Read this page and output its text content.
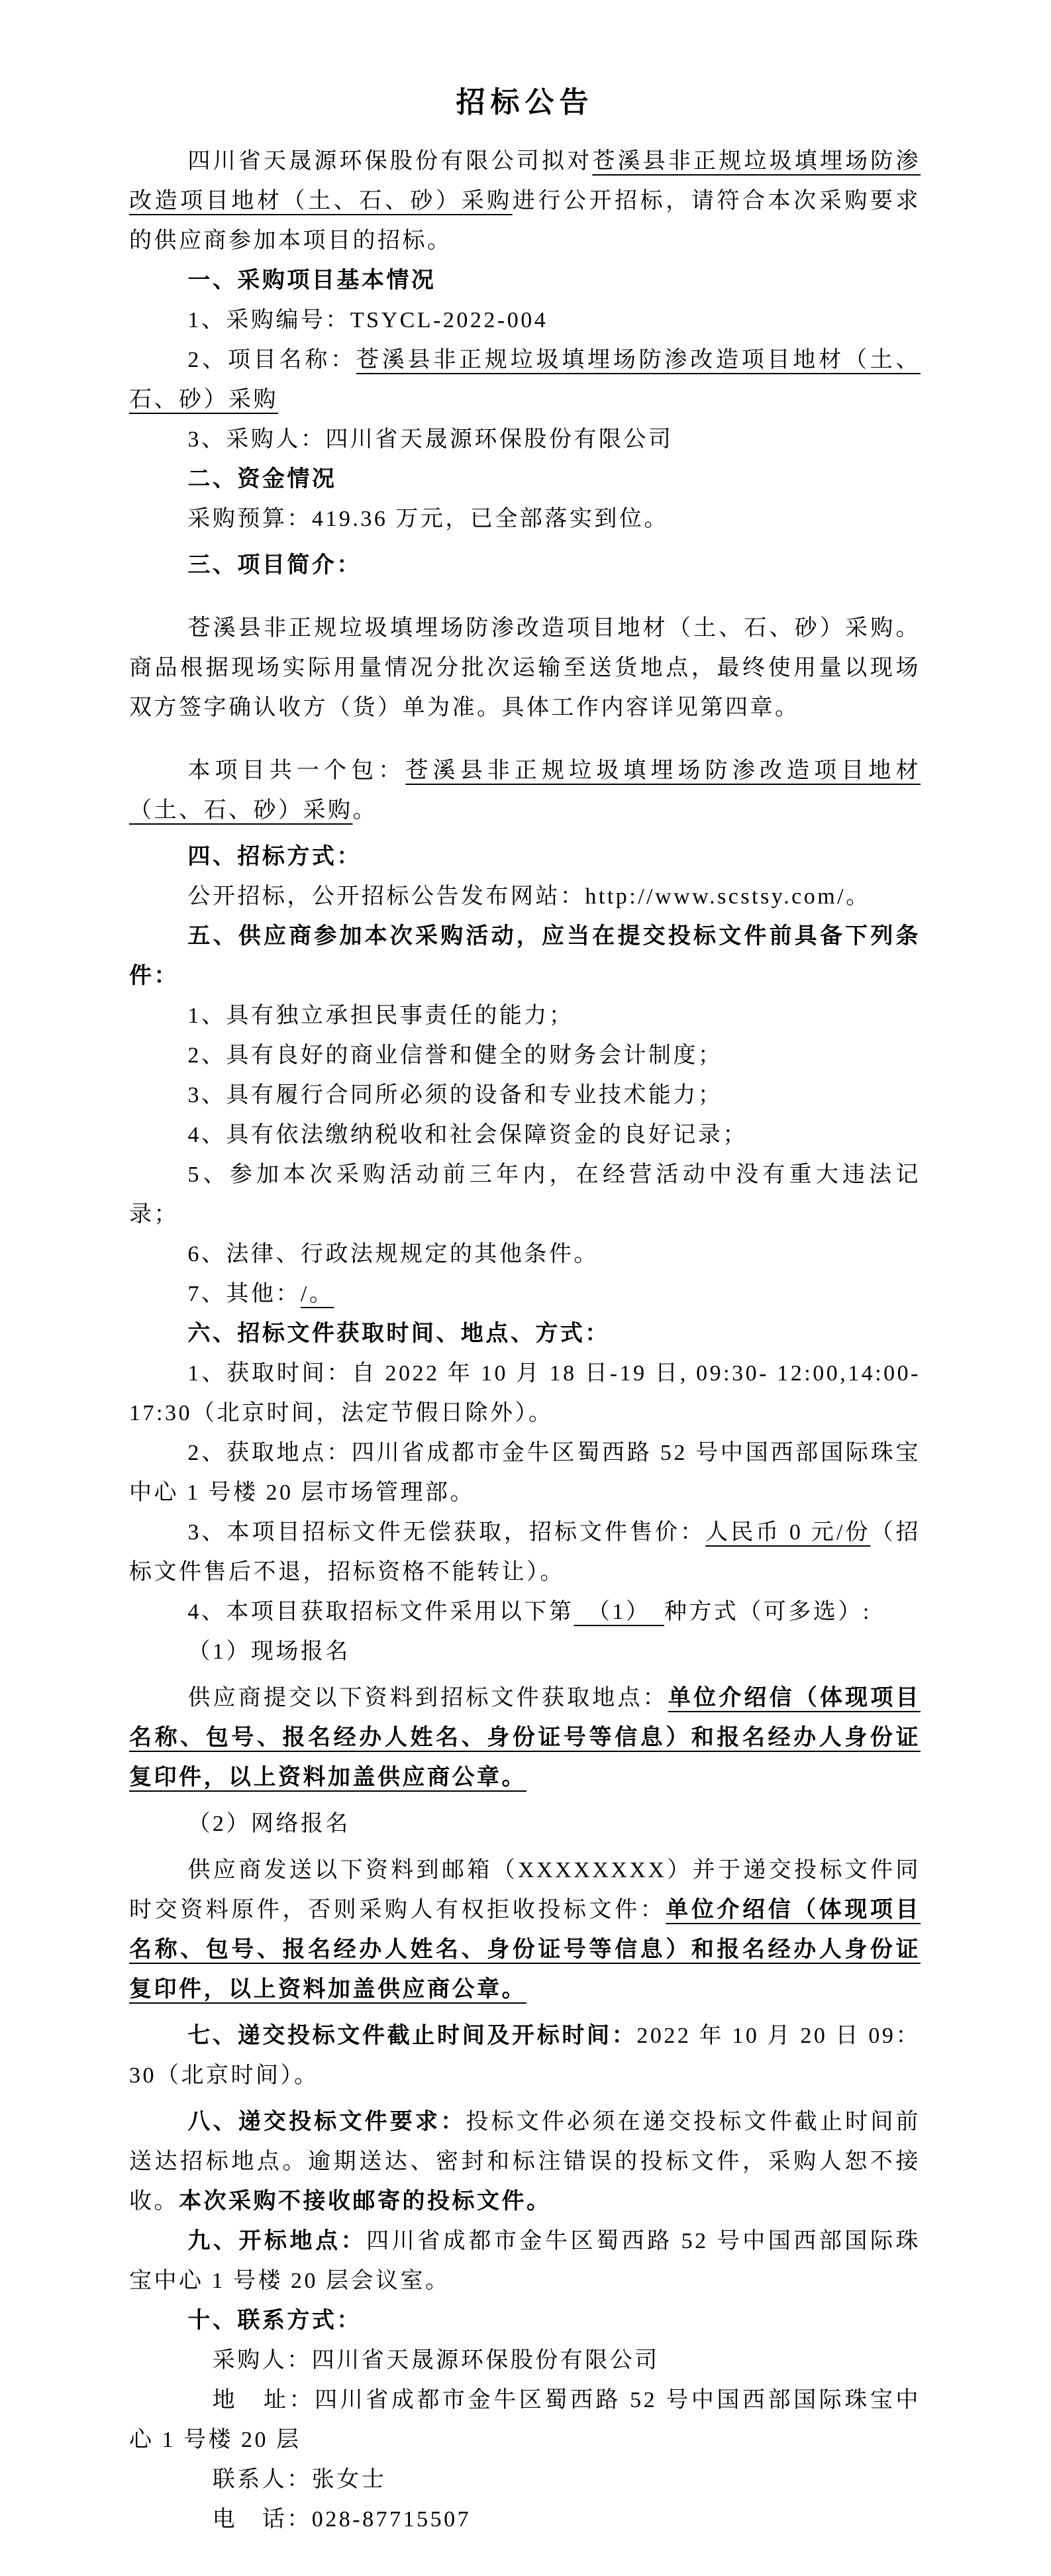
招标公告
四川省天晟源环保股份有限公司拟对苍溪县非正规垃圾填埋场防渗改造项目地材（土、石、砂）采购进行公开招标，请符合本次采购要求的供应商参加本项目的招标。
一、采购项目基本情况
1、采购编号：TSYCL-2022-004
2、项目名称：苍溪县非正规垃圾填埋场防渗改造项目地材（土、石、砂）采购
3、采购人：四川省天晟源环保股份有限公司
二、资金情况
采购预算：419.36 万元，已全部落实到位。
三、项目简介：
苍溪县非正规垃圾填埋场防渗改造项目地材（土、石、砂）采购。商品根据现场实际用量情况分批次运输至送货地点，最终使用量以现场双方签字确认收方（货）单为准。具体工作内容详见第四章。
本项目共一个包：苍溪县非正规垃圾填埋场防渗改造项目地材（土、石、砂）采购。
四、招标方式：
公开招标，公开招标公告发布网站：http://www.scstsy.com/。
五、供应商参加本次采购活动，应当在提交投标文件前具备下列条件：
1、具有独立承担民事责任的能力；
2、具有良好的商业信誉和健全的财务会计制度；
3、具有履行合同所必须的设备和专业技术能力；
4、具有依法缴纳税收和社会保障资金的良好记录；
5、参加本次采购活动前三年内，在经营活动中没有重大违法记录；
6、法律、行政法规规定的其他条件。
7、其他：/。
六、招标文件获取时间、地点、方式：
1、获取时间：自 2022 年 10 月 18 日-19 日, 09:30- 12:00,14:00-17:30（北京时间，法定节假日除外）。
2、获取地点：四川省成都市金牛区蜀西路 52 号中国西部国际珠宝中心 1 号楼 20 层市场管理部。
3、本项目招标文件无偿获取，招标文件售价：人民币 0 元/份（招标文件售后不退，招标资格不能转让）。
4、本项目获取招标文件采用以下第　（1）　种方式（可多选）:
（1）现场报名
供应商提交以下资料到招标文件获取地点：单位介绍信（体现项目名称、包号、报名经办人姓名、身份证号等信息）和报名经办人身份证复印件，以上资料加盖供应商公章。
（2）网络报名
供应商发送以下资料到邮箱（XXXXXXXX）并于递交投标文件同时交资料原件，否则采购人有权拒收投标文件：单位介绍信（体现项目名称、包号、报名经办人姓名、身份证号等信息）和报名经办人身份证复印件，以上资料加盖供应商公章。
七、递交投标文件截止时间及开标时间：2022 年 10 月 20 日 09：30（北京时间）。
八、递交投标文件要求：投标文件必须在递交投标文件截止时间前送达招标地点。逾期送达、密封和标注错误的投标文件，采购人恕不接收。本次采购不接收邮寄的投标文件。
九、开标地点：四川省成都市金牛区蜀西路 52 号中国西部国际珠宝中心 1 号楼 20 层会议室。
十、联系方式：
采购人：四川省天晟源环保股份有限公司
地　址：四川省成都市金牛区蜀西路 52 号中国西部国际珠宝中心 1 号楼 20 层
联系人：张女士
电　话：028-87715507
